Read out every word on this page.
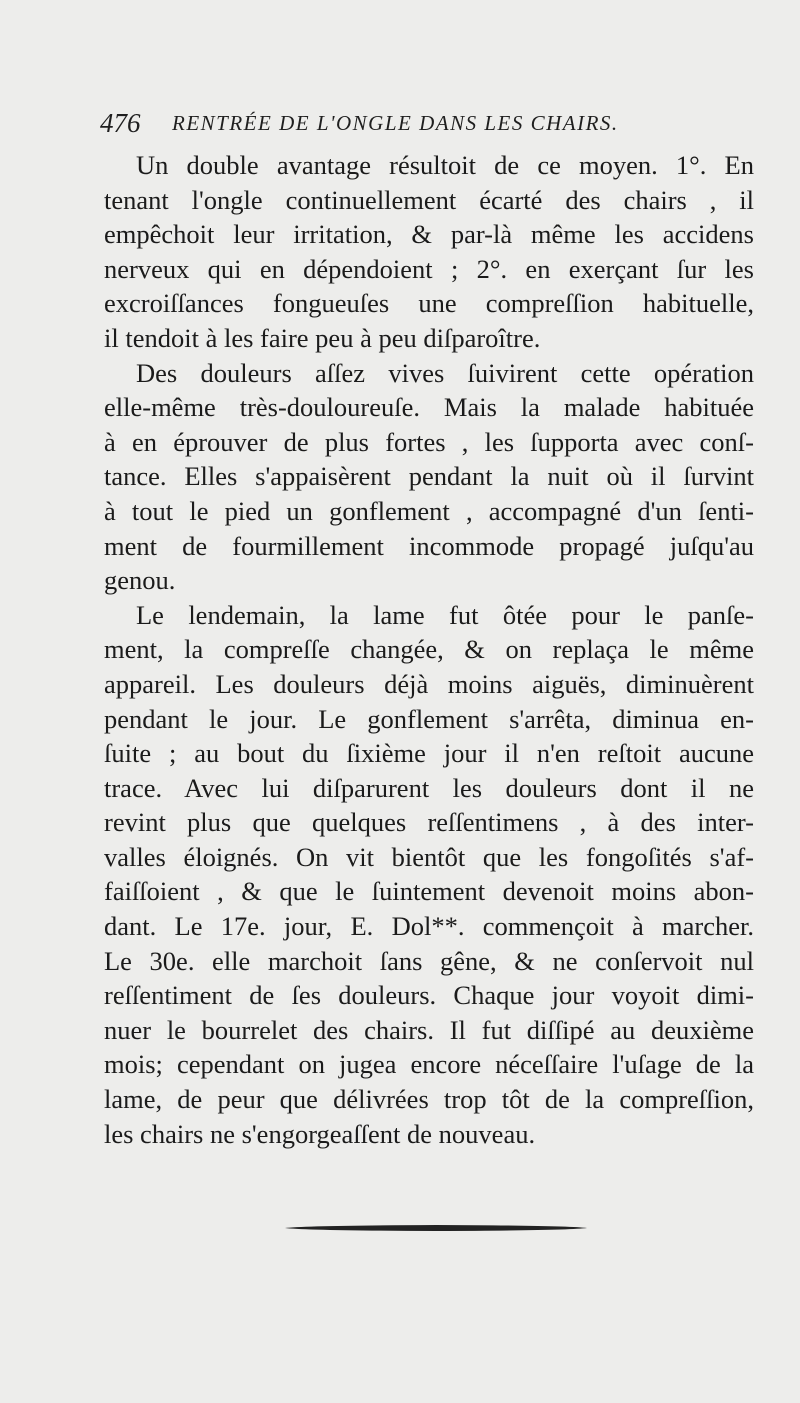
476 RENTRÉE DE L'ONGLE DANS LES CHAIRS.
Un double avantage résultoit de ce moyen. 1°. En
tenant l'ongle continuellement écarté des chairs , il
empêchoit leur irritation, & par-là même les accidens
nerveux qui en dépendoient ; 2°. en exerçant ſur les
excroiſſances fongueuſes une compreſſion habituelle,
il tendoit à les faire peu à peu diſparoître.
Des douleurs aſſez vives ſuivirent cette opération
elle-même très-douloureuſe. Mais la malade habituée
à en éprouver de plus fortes , les ſupporta avec conſ-
tance. Elles s'appaisèrent pendant la nuit où il ſurvint
à tout le pied un gonflement , accompagné d'un ſenti-
ment de fourmillement incommode propagé juſqu'au
genou.
Le lendemain, la lame fut ôtée pour le panſe-
ment, la compreſſe changée, & on replaça le même
appareil. Les douleurs déjà moins aiguës, diminuèrent
pendant le jour. Le gonflement s'arrêta, diminua en-
ſuite ; au bout du ſixième jour il n'en reſtoit aucune
trace. Avec lui diſparurent les douleurs dont il ne
revint plus que quelques reſſentimens , à des inter-
valles éloignés. On vit bientôt que les fongoſités s'af-
faiſſoient , & que le ſuintement devenoit moins abon-
dant. Le 17e. jour, E. Dol**. commençoit à marcher.
Le 30e. elle marchoit ſans gêne, & ne conſervoit nul
reſſentiment de ſes douleurs. Chaque jour voyoit dimi-
nuer le bourrelet des chairs. Il fut diſſipé au deuxième
mois; cependant on jugea encore néceſſaire l'uſage de la
lame, de peur que délivrées trop tôt de la compreſſion,
les chairs ne s'engorgeaſſent de nouveau.
